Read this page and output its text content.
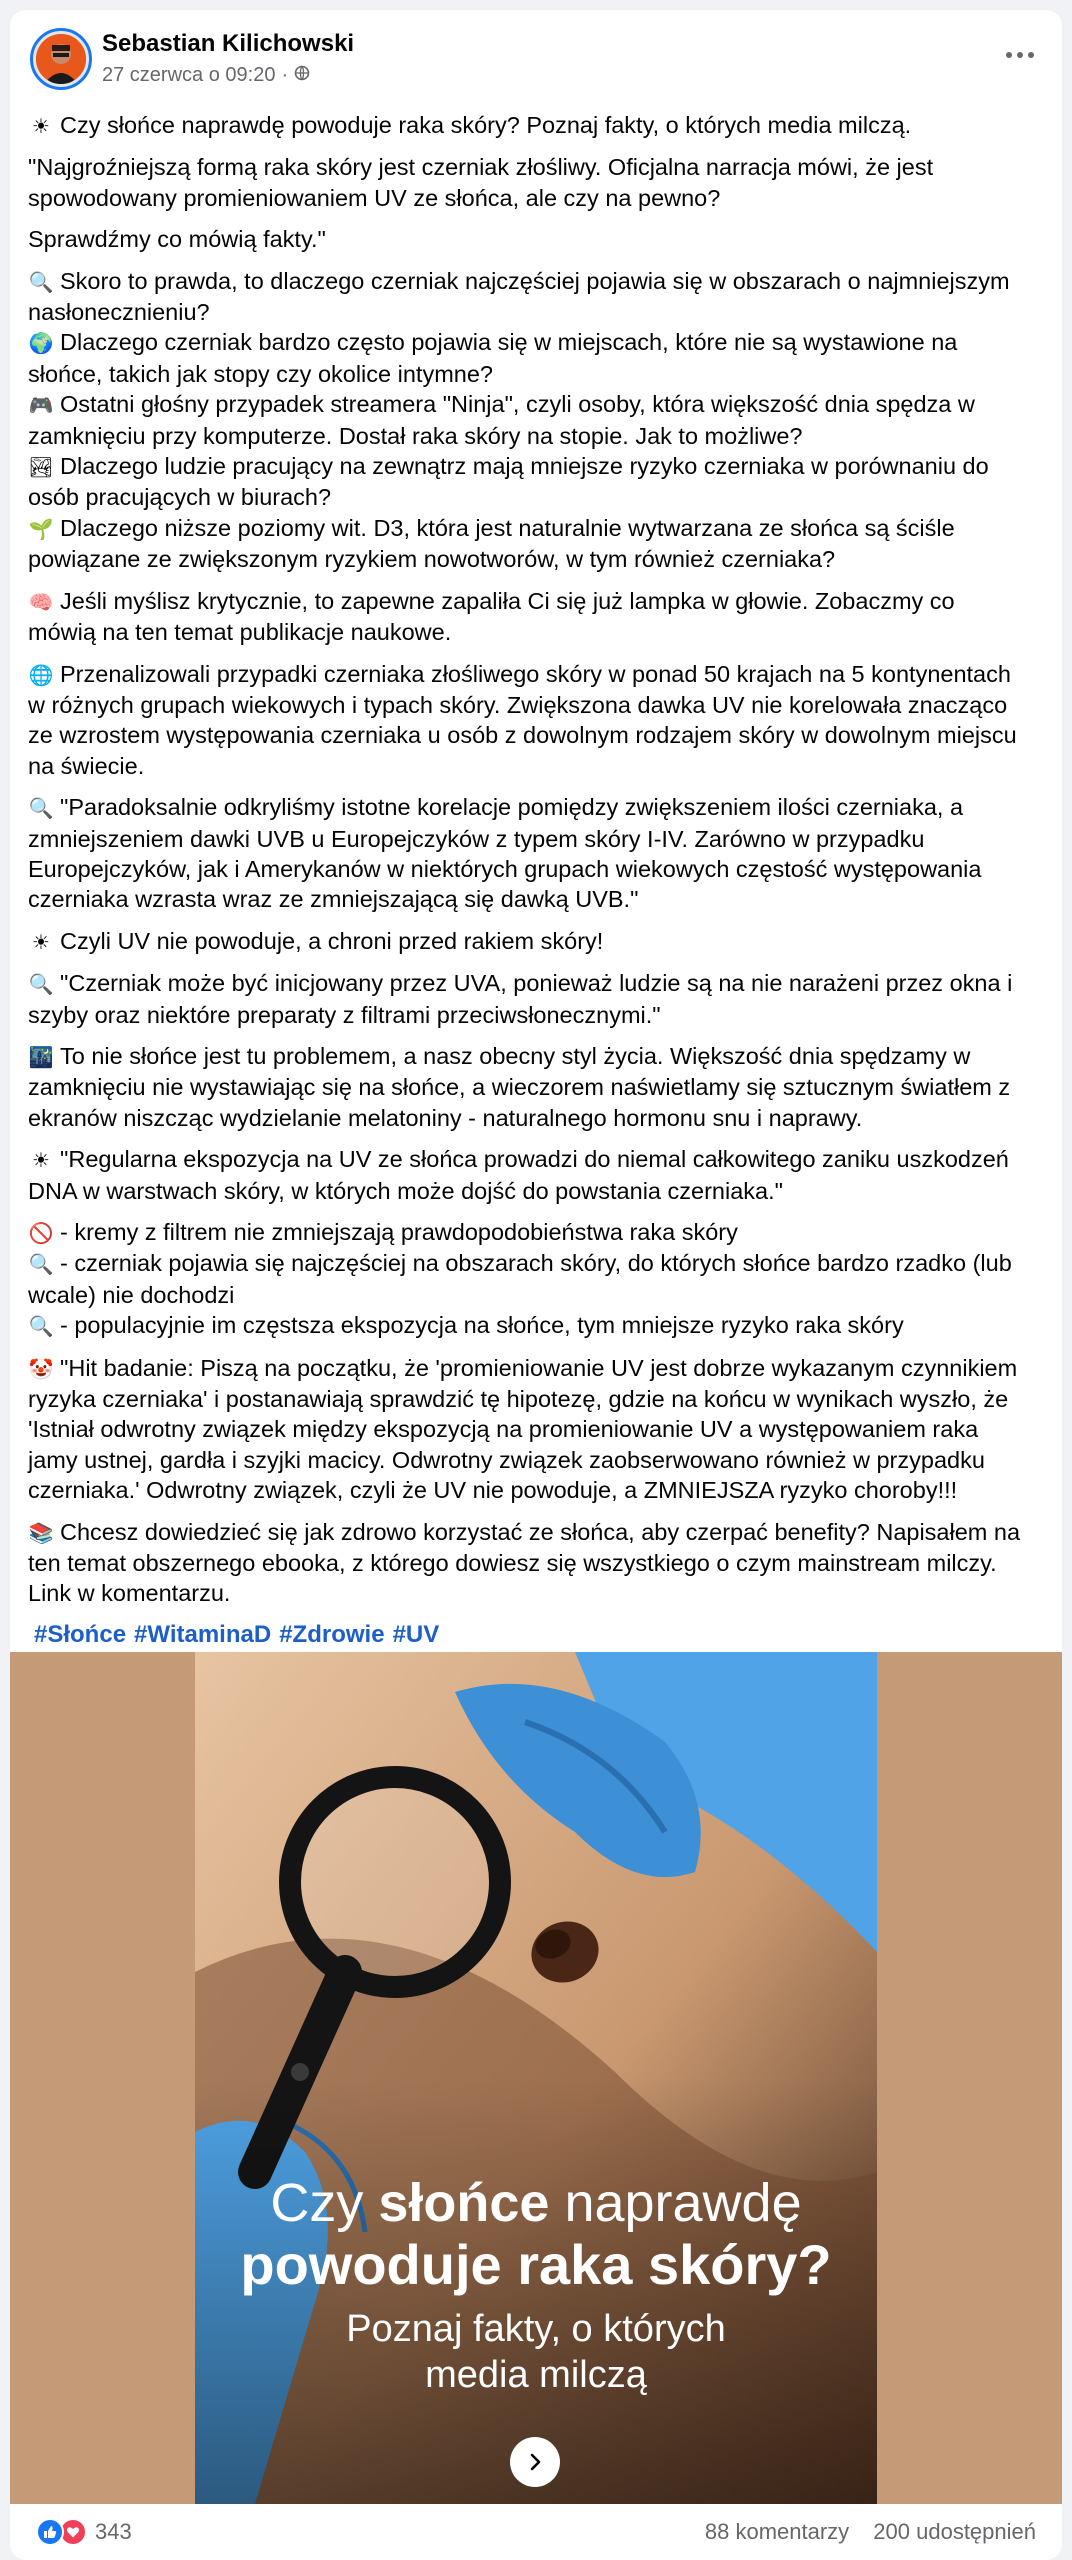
Sebastian Kilichowski
27 czerwca o 09:20 ·
☀ Czy słońce naprawdę powoduje raka skóry? Poznaj fakty, o których media milczą.
"Najgroźniejszą formą raka skóry jest czerniak złośliwy. Oficjalna narracja mówi, że jest
spowodowany promieniowaniem UV ze słońca, ale czy na pewno?
Sprawdźmy co mówią fakty."
🔍 Skoro to prawda, to dlaczego czerniak najczęściej pojawia się w obszarach o najmniejszym
nasłonecznieniu?
🌍 Dlaczego czerniak bardzo często pojawia się w miejscach, które nie są wystawione na
słońce, takich jak stopy czy okolice intymne?
🎮 Ostatni głośny przypadek streamera "Ninja", czyli osoby, która większość dnia spędza w
zamknięciu przy komputerze. Dostał raka skóry na stopie. Jak to możliwe?
🏞 Dlaczego ludzie pracujący na zewnątrz mają mniejsze ryzyko czerniaka w porównaniu do
osób pracujących w biurach?
🌱 Dlaczego niższe poziomy wit. D3, która jest naturalnie wytwarzana ze słońca są ściśle
powiązane ze zwiększonym ryzykiem nowotworów, w tym również czerniaka?
🧠 Jeśli myślisz krytycznie, to zapewne zapaliła Ci się już lampka w głowie. Zobaczmy co
mówią na ten temat publikacje naukowe.
🌐 Przenalizowali przypadki czerniaka złośliwego skóry w ponad 50 krajach na 5 kontynentach
w różnych grupach wiekowych i typach skóry. Zwiększona dawka UV nie korelowała znacząco
ze wzrostem występowania czerniaka u osób z dowolnym rodzajem skóry w dowolnym miejscu
na świecie.
🔍 "Paradoksalnie odkryliśmy istotne korelacje pomiędzy zwiększeniem ilości czerniaka, a
zmniejszeniem dawki UVB u Europejczyków z typem skóry I-IV. Zarówno w przypadku
Europejczyków, jak i Amerykanów w niektórych grupach wiekowych częstość występowania
czerniaka wzrasta wraz ze zmniejszającą się dawką UVB."
☀ Czyli UV nie powoduje, a chroni przed rakiem skóry!
🔍 "Czerniak może być inicjowany przez UVA, ponieważ ludzie są na nie narażeni przez okna i
szyby oraz niektóre preparaty z filtrami przeciwsłonecznymi."
🌃 To nie słońce jest tu problemem, a nasz obecny styl życia. Większość dnia spędzamy w
zamknięciu nie wystawiając się na słońce, a wieczorem naświetlamy się sztucznym światłem z
ekranów niszcząc wydzielanie melatoniny - naturalnego hormonu snu i naprawy.
☀ "Regularna ekspozycja na UV ze słońca prowadzi do niemal całkowitego zaniku uszkodzeń
DNA w warstwach skóry, w których może dojść do powstania czerniaka."
🚫 - kremy z filtrem nie zmniejszają prawdopodobieństwa raka skóry
🔍 - czerniak pojawia się najczęściej na obszarach skóry, do których słońce bardzo rzadko (lub
wcale) nie dochodzi
🔍 - populacyjnie im częstsza ekspozycja na słońce, tym mniejsze ryzyko raka skóry
🤡 "Hit badanie: Piszą na początku, że 'promieniowanie UV jest dobrze wykazanym czynnikiem
ryzyka czerniaka' i postanawiają sprawdzić tę hipotezę, gdzie na końcu w wynikach wyszło, że
'Istniał odwrotny związek między ekspozycją na promieniowanie UV a występowaniem raka
jamy ustnej, gardła i szyjki macicy. Odwrotny związek zaobserwowano również w przypadku
czerniaka.' Odwrotny związek, czyli że UV nie powoduje, a ZMNIEJSZA ryzyko choroby!!!
📚 Chcesz dowiedzieć się jak zdrowo korzystać ze słońca, aby czerpać benefity? Napisałem na
ten temat obszernego ebooka, z którego dowiesz się wszystkiego o czym mainstream milczy.
Link w komentarzu.
#Słońce #WitaminaD #Zdrowie #UV
Czy słońce naprawdę
powoduje raka skóry?
Poznaj fakty, o których
media milczą
343	88 komentarzy 200 udostępnień
